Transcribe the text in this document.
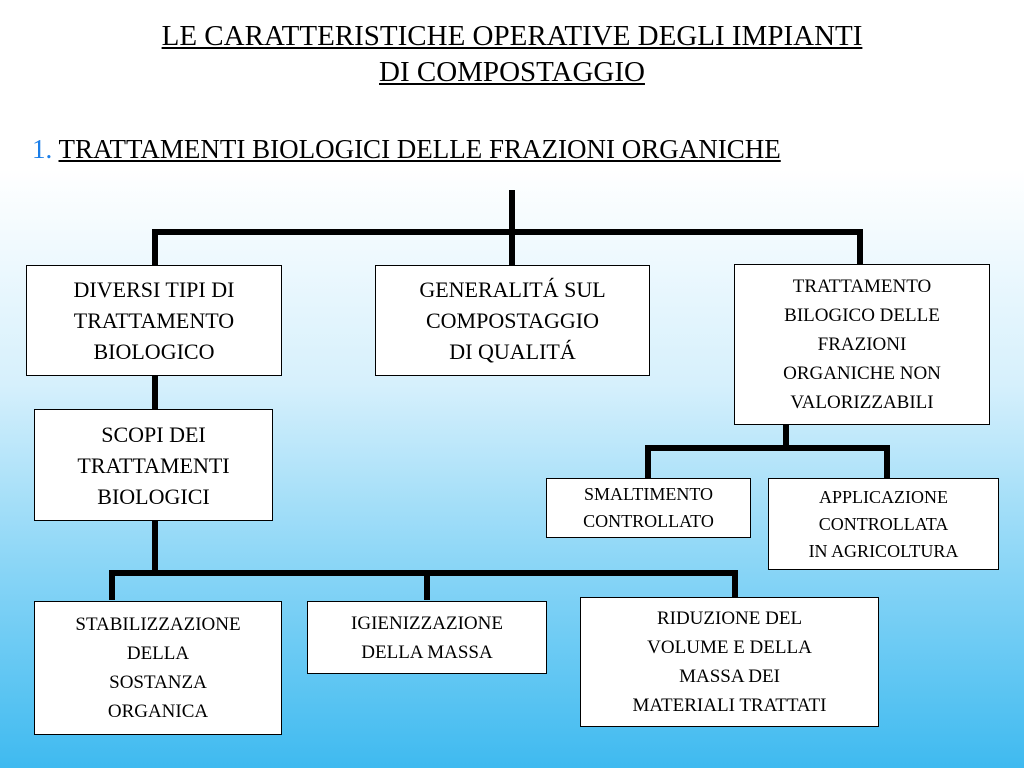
LE CARATTERISTICHE OPERATIVE DEGLI IMPIANTI
DI COMPOSTAGGIO
1. TRATTAMENTI BIOLOGICI DELLE FRAZIONI ORGANICHE
DIVERSI TIPI DI
TRATTAMENTO
BIOLOGICO
GENERALITÁ SUL
COMPOSTAGGIO
DI QUALITÁ
TRATTAMENTO
BILOGICO DELLE
FRAZIONI
ORGANICHE NON
VALORIZZABILI
SCOPI DEI
TRATTAMENTI
BIOLOGICI	SMALTIMENTO
CONTROLLATO
APPLICAZIONE
CONTROLLATA
IN AGRICOLTURA
STABILIZZAZIONE
DELLA
SOSTANZA
ORGANICA
IGIENIZZAZIONE
DELLA MASSA
RIDUZIONE DEL
VOLUME E DELLA
MASSA DEI
MATERIALI TRATTATI
